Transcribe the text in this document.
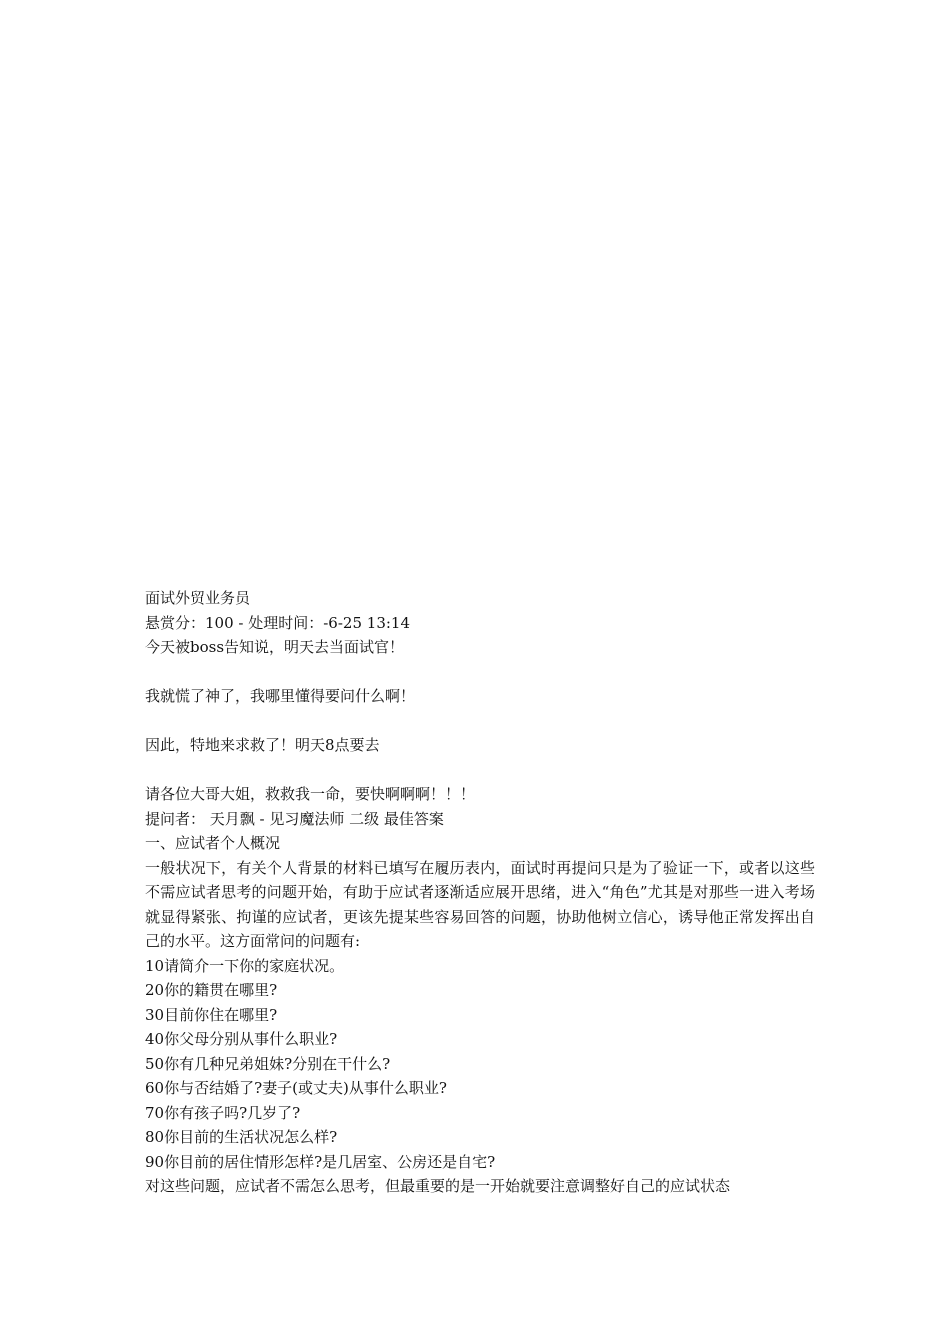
面试外贸业务员
悬赏分：100 - 处理时间：-6-25 13:14
今天被boss告知说，明天去当面试官！
我就慌了神了，我哪里懂得要问什么啊！
因此，特地来求救了！明天8点要去
请各位大哥大姐，救救我一命，要快啊啊啊！！！
提问者： 天月飘 - 见习魔法师 二级 最佳答案
一、应试者个人概况
一般状况下，有关个人背景的材料已填写在履历表内，面试时再提问只是为了验证一下，或者以这些不需应试者思考的问题开始，有助于应试者逐渐适应展开思绪，进入“角色”尤其是对那些一进入考场就显得紧张、拘谨的应试者，更该先提某些容易回答的问题，协助他树立信心，诱导他正常发挥出自己的水平。这方面常问的问题有:
10请简介一下你的家庭状况。
20你的籍贯在哪里?
30目前你住在哪里?
40你父母分别从事什么职业?
50你有几种兄弟姐妹?分别在干什么?
60你与否结婚了?妻子(或丈夫)从事什么职业?
70你有孩子吗?几岁了?
80你目前的生活状况怎么样?
90你目前的居住情形怎样?是几居室、公房还是自宅?
对这些问题，应试者不需怎么思考，但最重要的是一开始就要注意调整好自己的应试状态
